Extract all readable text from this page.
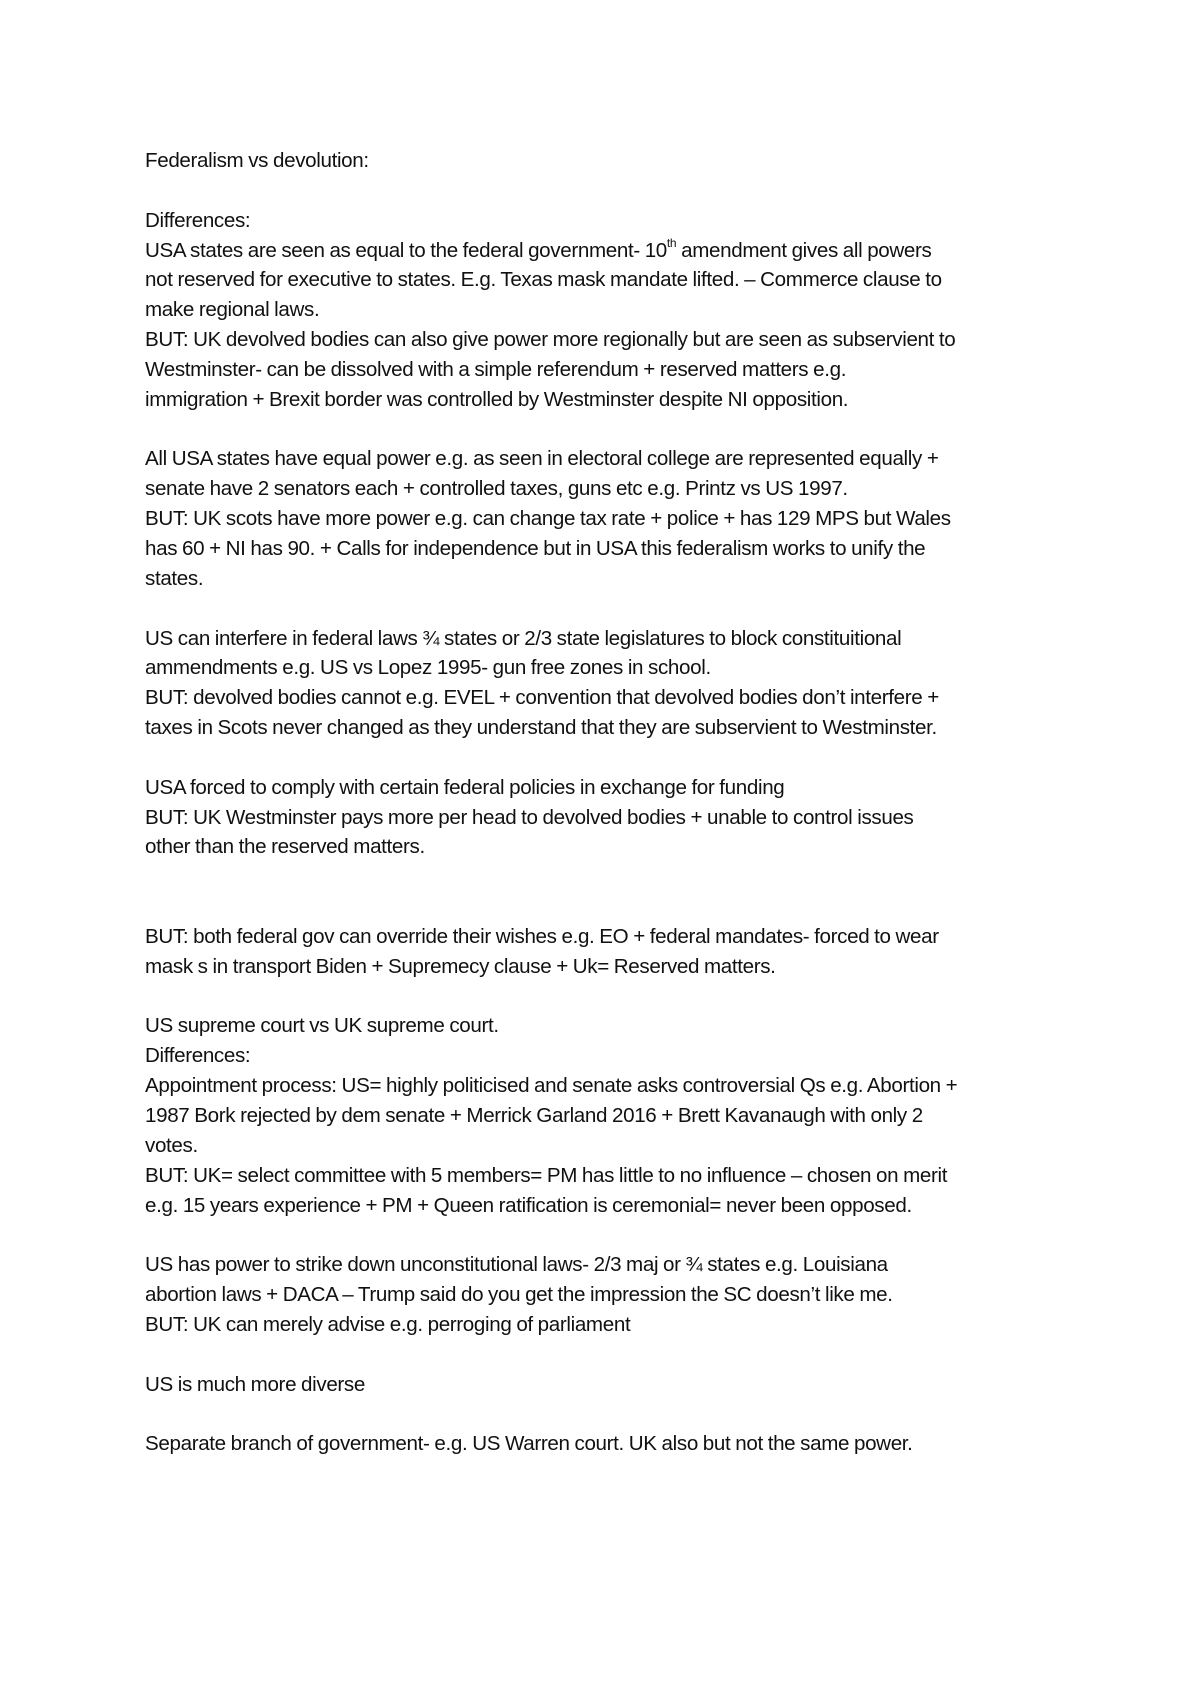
Federalism vs devolution:
Differences:
USA states are seen as equal to the federal government- 10th amendment gives all powers
not reserved for executive to states. E.g. Texas mask mandate lifted. – Commerce clause to
make regional laws.
BUT: UK devolved bodies can also give power more regionally but are seen as subservient to
Westminster- can be dissolved with a simple referendum + reserved matters e.g.
immigration + Brexit border was controlled by Westminster despite NI opposition.
All USA states have equal power e.g. as seen in electoral college are represented equally +
senate have 2 senators each + controlled taxes, guns etc e.g. Printz vs US 1997.
BUT: UK scots have more power e.g. can change tax rate + police + has 129 MPS but Wales
has 60 + NI has 90. + Calls for independence but in USA this federalism works to unify the
states.
US can interfere in federal laws ¾ states or 2/3 state legislatures to block constituitional
ammendments e.g. US vs Lopez 1995- gun free zones in school.
BUT: devolved bodies cannot e.g. EVEL + convention that devolved bodies don’t interfere +
taxes in Scots never changed as they understand that they are subservient to Westminster.
USA forced to comply with certain federal policies in exchange for funding
BUT: UK Westminster pays more per head to devolved bodies + unable to control issues
other than the reserved matters.
BUT: both federal gov can override their wishes e.g. EO + federal mandates- forced to wear
mask s in transport Biden + Supremecy clause + Uk= Reserved matters.
US supreme court vs UK supreme court.
Differences:
Appointment process: US= highly politicised and senate asks controversial Qs e.g. Abortion +
1987 Bork rejected by dem senate + Merrick Garland 2016 + Brett Kavanaugh with only 2
votes.
BUT: UK= select committee with 5 members= PM has little to no influence – chosen on merit
e.g. 15 years experience + PM + Queen ratification is ceremonial= never been opposed.
US has power to strike down unconstitutional laws- 2/3 maj or ¾ states e.g. Louisiana
abortion laws + DACA – Trump said do you get the impression the SC doesn’t like me.
BUT: UK can merely advise e.g. perroging of parliament
US is much more diverse
Separate branch of government- e.g. US Warren court. UK also but not the same power.
